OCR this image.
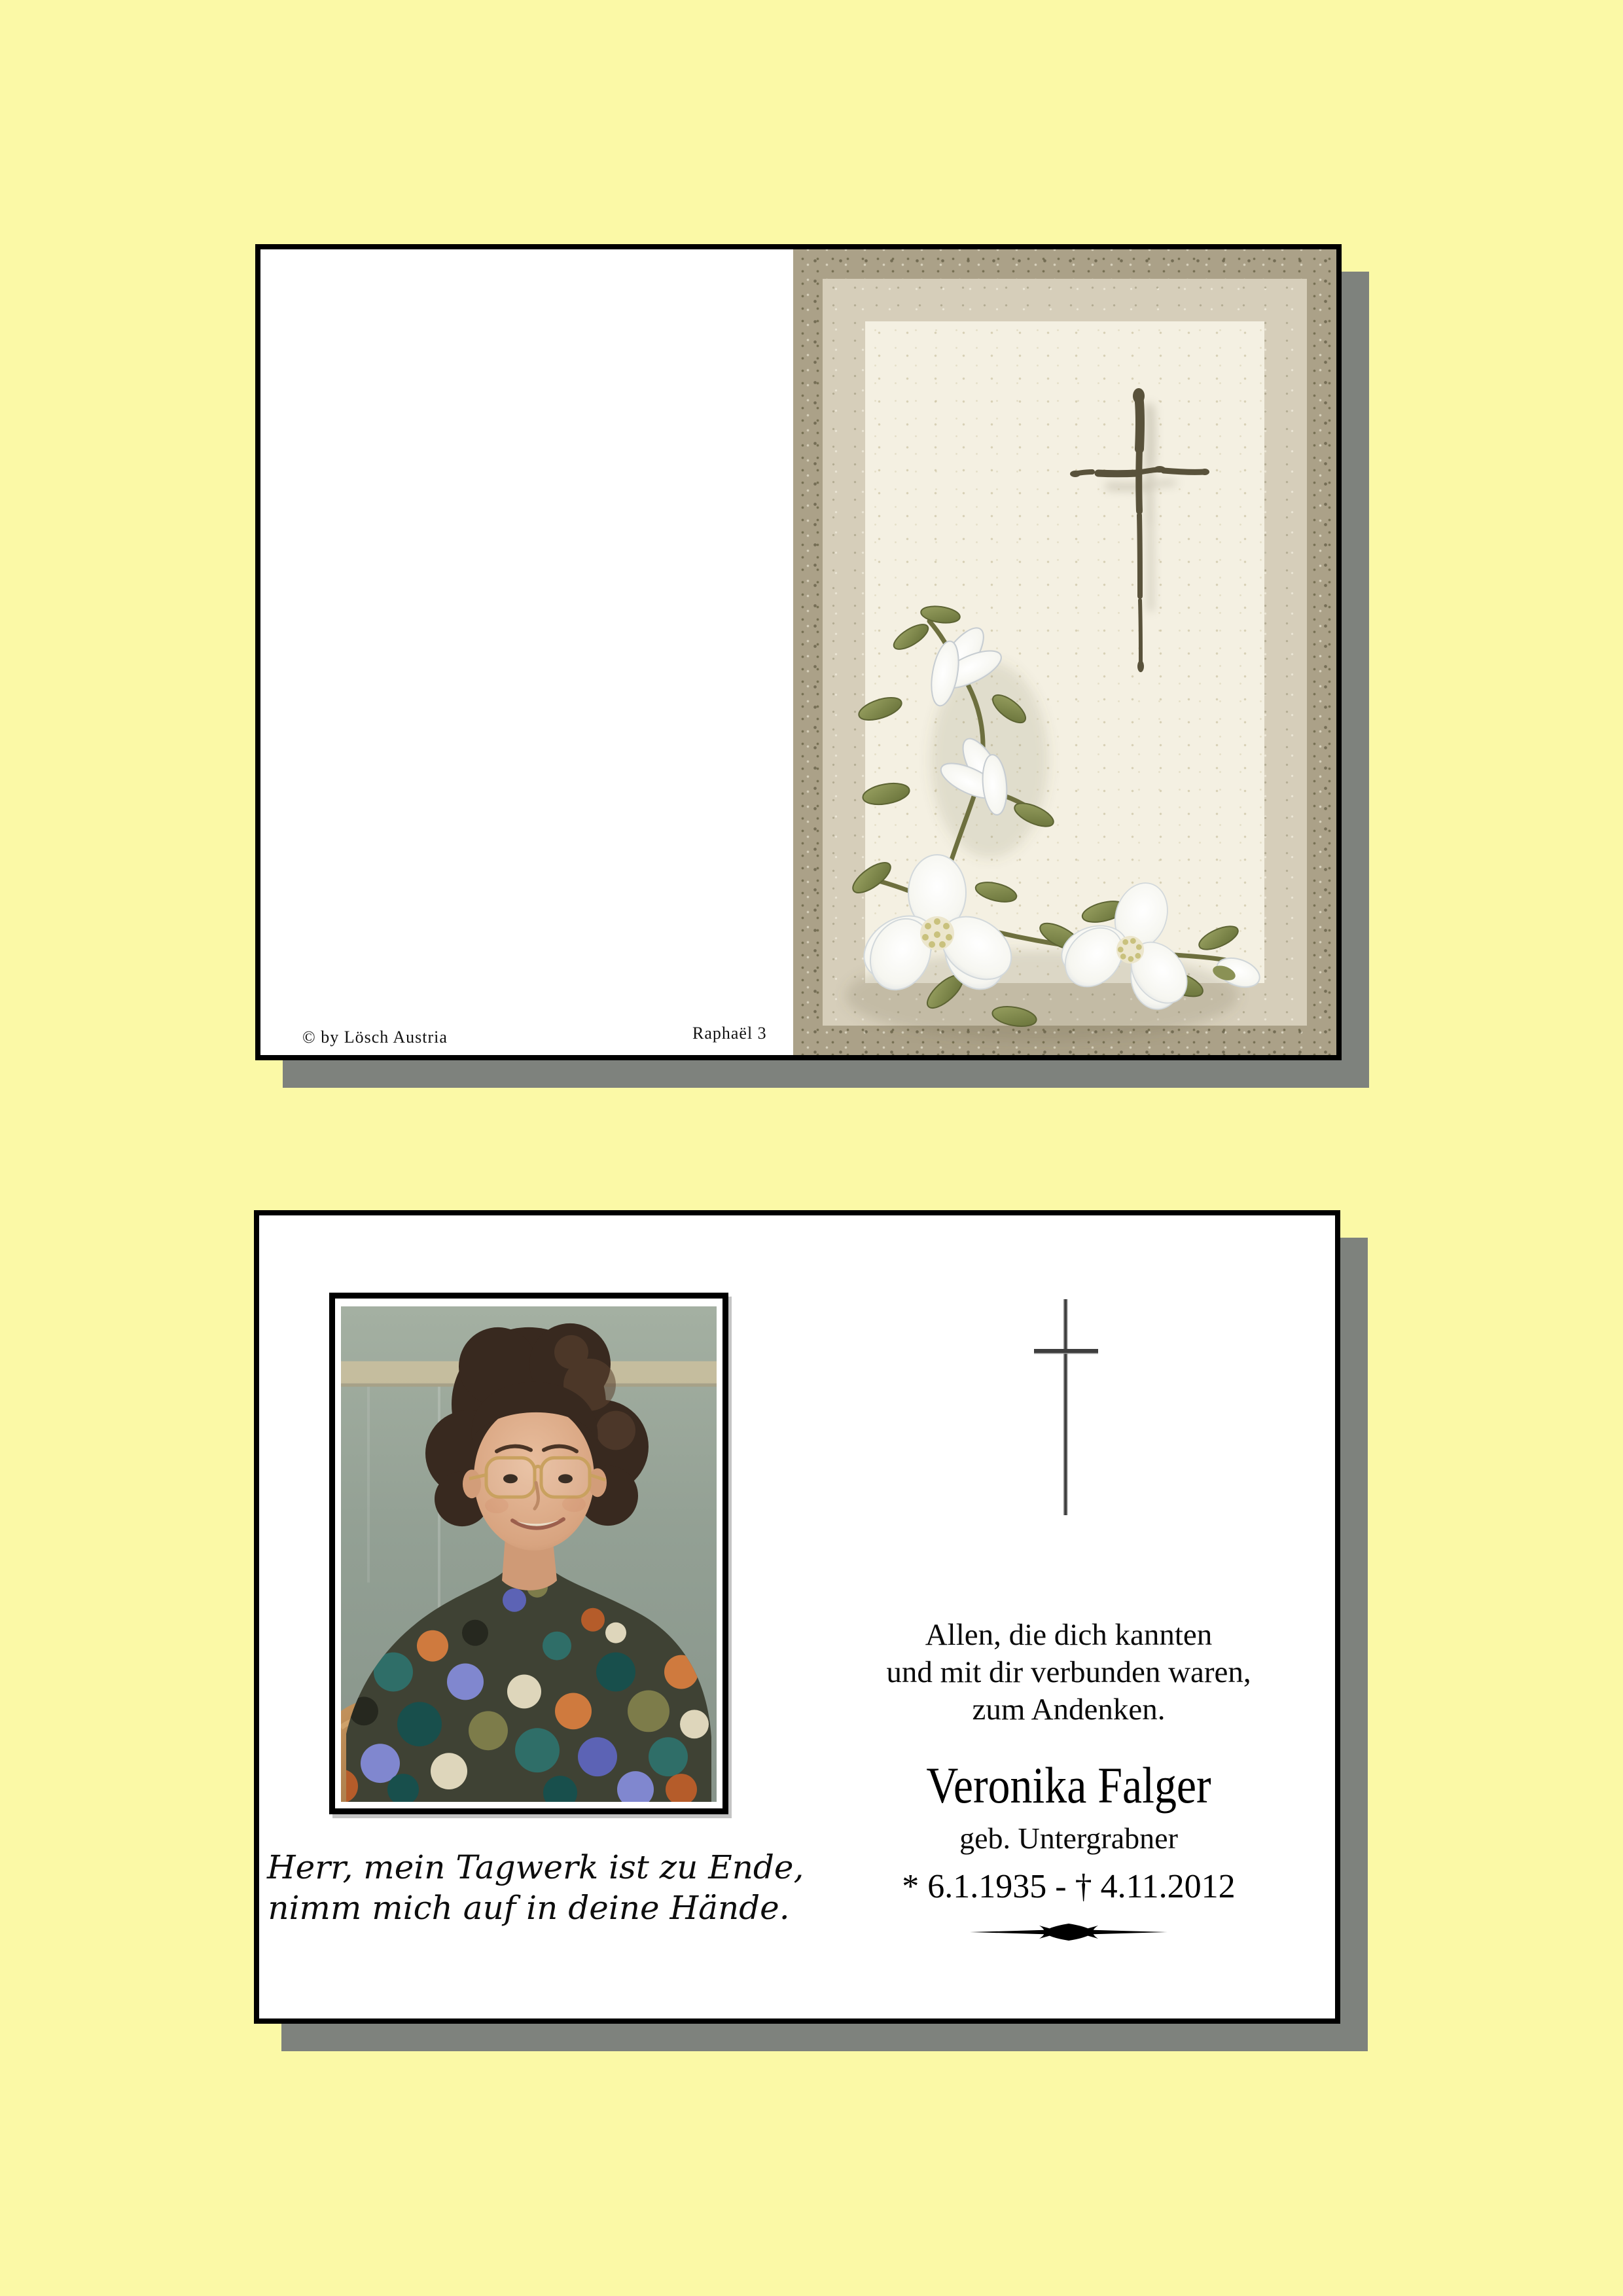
© by Lösch Austria	Raphaël 3
Herr, mein Tagwerk ist zu Ende,
nimm mich auf in deine Hände.
Allen, die dich kannten
und mit dir verbunden waren,
zum Andenken.
Veronika Falger
geb. Untergrabner
* 6.1.1935 - † 4.11.2012
